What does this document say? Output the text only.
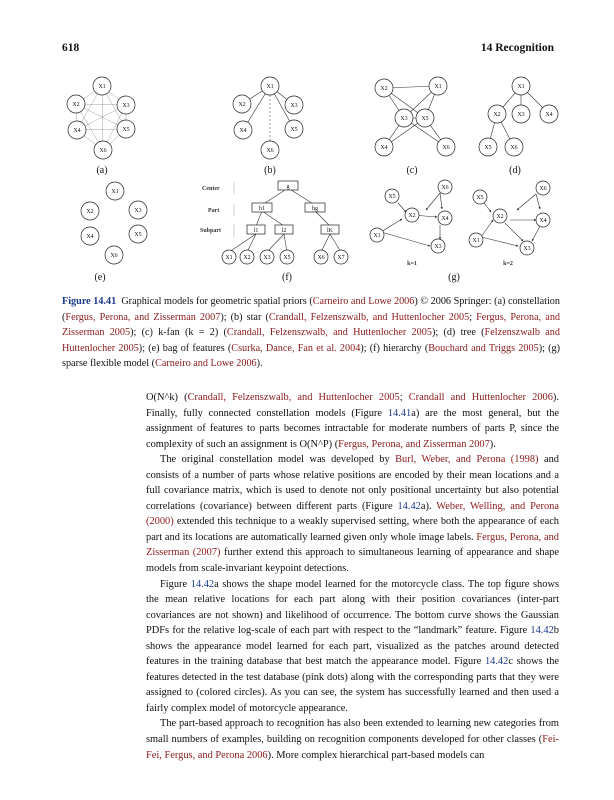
618	14 Recognition
X1
X2	X3
X4	X5
X6
(a)
X1
X2	X3
X4	X5
X6
(b)
X2	X1
X3 X5
X4	X6
(c)
X1
X2	X3	X4
X5	X6
(d)
X1
X2	X3
X4	X5
X6
(e)
Center
Part
Subpart
g
h1	hg
l1	l2	lK
X1 X2 X3 X5	X6 X7
(f)
X5
X6
X2	X4
X1
X3
k=1
X5
X6
X2
X4
X1
X3
k=2
(g)
Figure 14.41 Graphical models for geometric spatial priors (Carneiro and Lowe 2006) © 2006 Springer: (a) constellation (Fergus, Perona, and Zisserman 2007); (b) star (Crandall, Felzenszwalb, and Huttenlocher 2005; Fergus, Perona, and Zisserman 2005); (c) k-fan (k = 2) (Crandall, Felzenszwalb, and Huttenlocher 2005); (d) tree (Felzenszwalb and Huttenlocher 2005); (e) bag of features (Csurka, Dance, Fan et al. 2004); (f) hierarchy (Bouchard and Triggs 2005); (g) sparse flexible model (Carneiro and Lowe 2006).

O(N^k) (Crandall, Felzenszwalb, and Huttenlocher 2005; Crandall and Huttenlocher 2006). Finally, fully connected constellation models (Figure 14.41a) are the most general, but the assignment of features to parts becomes intractable for moderate numbers of parts P, since the complexity of such an assignment is O(N^P) (Fergus, Perona, and Zisserman 2007).

The original constellation model was developed by Burl, Weber, and Perona (1998) and consists of a number of parts whose relative positions are encoded by their mean locations and a full covariance matrix, which is used to denote not only positional uncertainty but also potential correlations (covariance) between different parts (Figure 14.42a). Weber, Welling, and Perona (2000) extended this technique to a weakly supervised setting, where both the appearance of each part and its locations are automatically learned given only whole image labels. Fergus, Perona, and Zisserman (2007) further extend this approach to simultaneous learning of appearance and shape models from scale-invariant keypoint detections.

Figure 14.42a shows the shape model learned for the motorcycle class. The top figure shows the mean relative locations for each part along with their position covariances (inter-part covariances are not shown) and likelihood of occurrence. The bottom curve shows the Gaussian PDFs for the relative log-scale of each part with respect to the “landmark” feature. Figure 14.42b shows the appearance model learned for each part, visualized as the patches around detected features in the training database that best match the appearance model. Figure 14.42c shows the features detected in the test database (pink dots) along with the corresponding parts that they were assigned to (colored circles). As you can see, the system has successfully learned and then used a fairly complex model of motorcycle appearance.

The part-based approach to recognition has also been extended to learning new categories from small numbers of examples, building on recognition components developed for other classes (Fei-Fei, Fergus, and Perona 2006). More complex hierarchical part-based models can
